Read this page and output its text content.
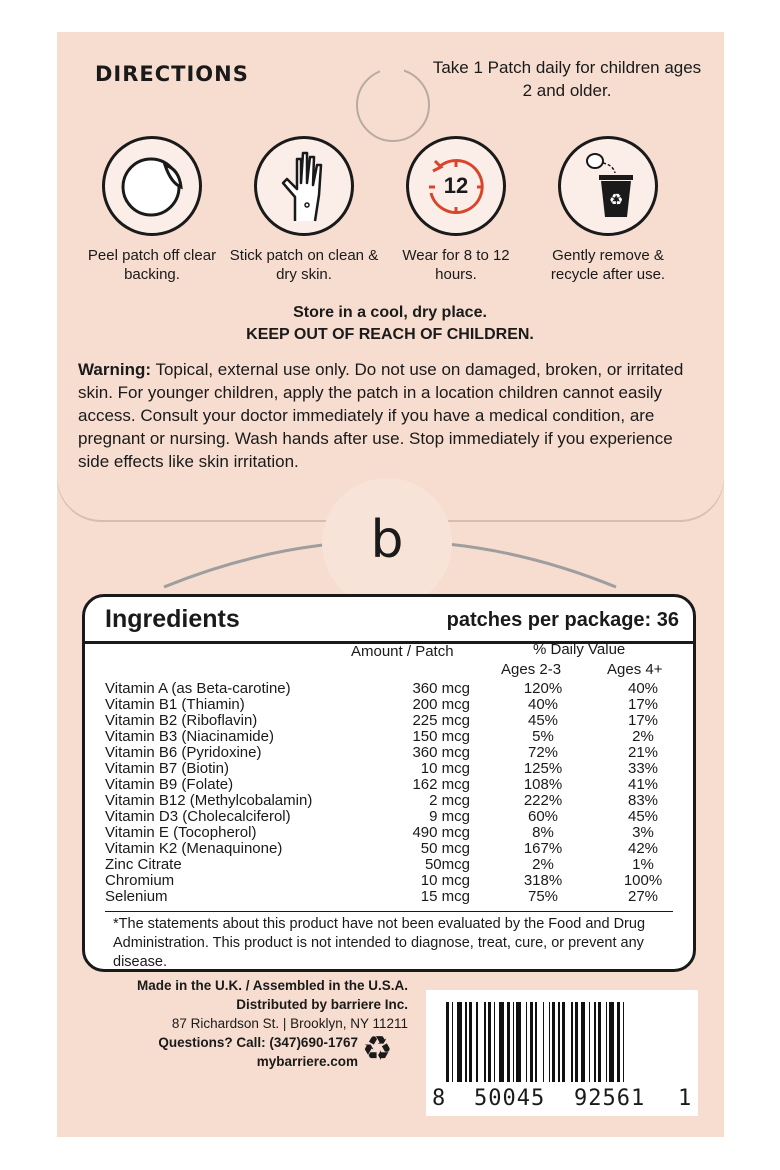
DIRECTIONS	Take 1 Patch daily for children ages 2 and older.
Peel patch off clear backing.
Stick patch on clean & dry skin.
12
Wear for 8 to 12 hours.
♻
Gently remove & recycle after use.
Store in a cool, dry place.
KEEP OUT OF REACH OF CHILDREN.
Warning: Topical, external use only. Do not use on damaged, broken, or irritated skin. For younger children, apply the patch in a location children cannot easily access. Consult your doctor immediately if you have a medical condition, are pregnant or nursing. Wash hands after use. Stop immediately if you experience side effects like skin irritation.
b
Ingredients	patches per package: 36
Amount / Patch	% Daily Value
Ages 2-3	Ages 4+
Vitamin A (as Beta-carotine)	360 mcg	120%	40%
Vitamin B1 (Thiamin)	200 mcg	40%	17%
Vitamin B2 (Riboflavin)	225 mcg	45%	17%
Vitamin B3 (Niacinamide)	150 mcg	5%	2%
Vitamin B6 (Pyridoxine)	360 mcg	72%	21%
Vitamin B7 (Biotin)	10 mcg	125%	33%
Vitamin B9 (Folate)	162 mcg	108%	41%
Vitamin B12 (Methylcobalamin)	2 mcg	222%	83%
Vitamin D3 (Cholecalciferol)	9 mcg	60%	45%
Vitamin E (Tocopherol)	490 mcg	8%	3%
Vitamin K2 (Menaquinone)	50 mcg	167%	42%
Zinc Citrate	50mcg	2%	1%
Chromium	10 mcg	318%	100%
Selenium	15 mcg	75%	27%
*The statements about this product have not been evaluated by the Food and Drug Administration. This product is not intended to diagnose, treat, cure, or prevent any disease.
Made in the U.K. / Assembled in the U.S.A.
Distributed by barriere Inc.
87 Richardson St. | Brooklyn, NY 11211
Questions? Call: (347)690-1767
mybarriere.com ♻
8 50045 92561 1
